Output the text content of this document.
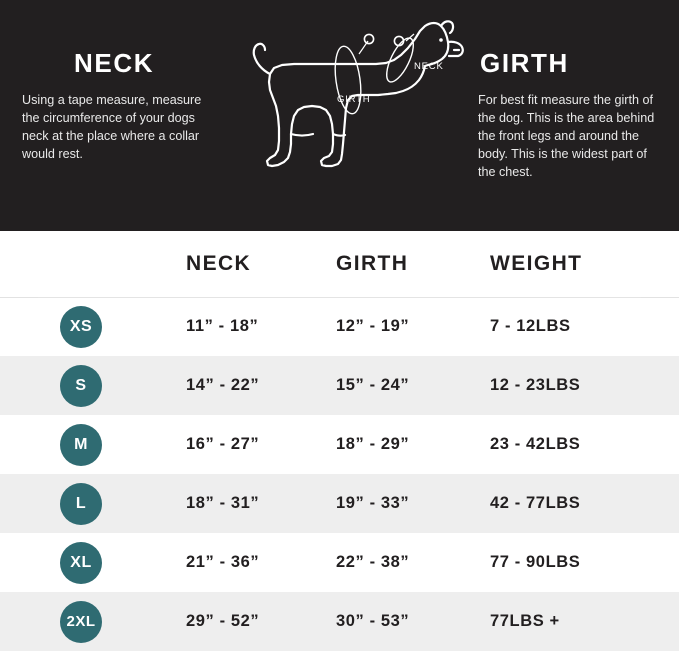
NECK
Using a tape measure, measure the circumference of your dogs neck at the place where a collar would rest.
GIRTH
For best fit measure the girth of the dog. This is the area behind the front legs and around the body. This is the widest part of the chest.
GIRTH
NECK
	NECK	GIRTH	WEIGHT
XS	11” - 18”	12” - 19”	7 - 12LBS
S	14” - 22”	15” - 24”	12 - 23LBS
M	16” - 27”	18” - 29”	23 - 42LBS
L	18” - 31”	19” - 33”	42 - 77LBS
XL	21” - 36”	22” - 38”	77 - 90LBS
2XL	29” - 52”	30” - 53”	77LBS +
